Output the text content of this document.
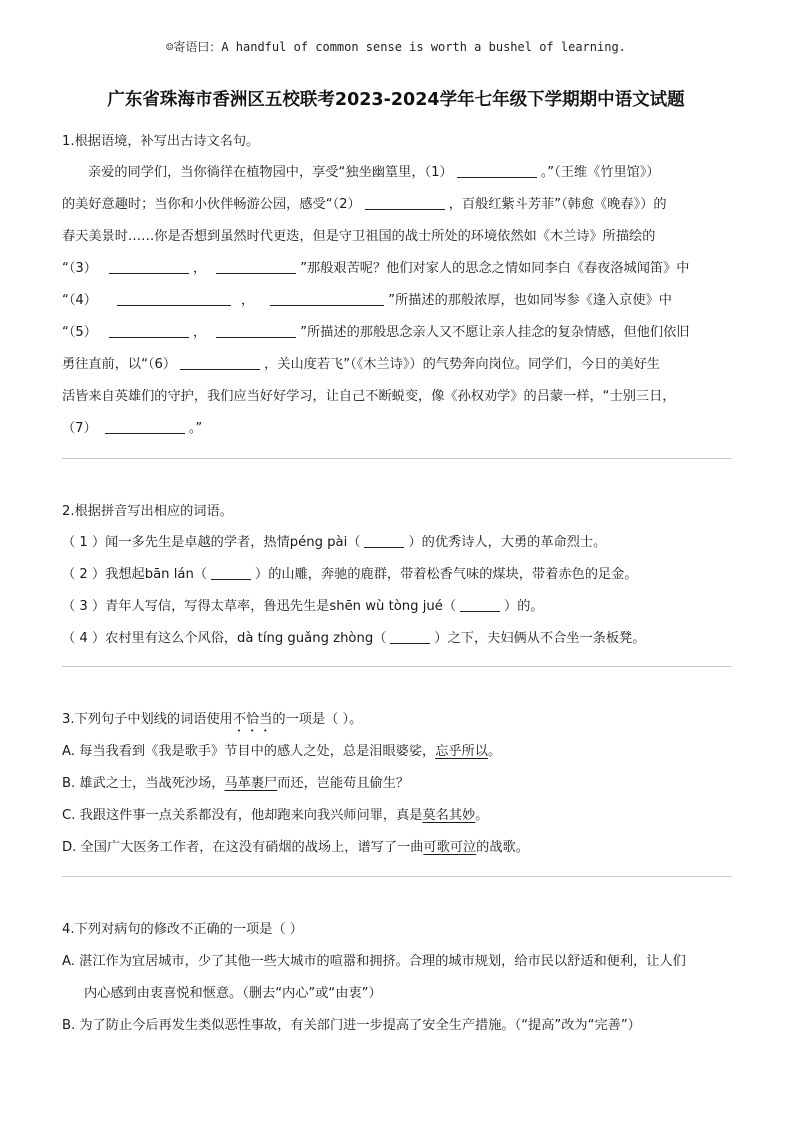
☺寄语曰：A handful of common sense is worth a bushel of learning.
广东省珠海市香洲区五校联考2023-2024学年七年级下学期期中语文试题
1.根据语境，补写出古诗文名句。
亲爱的同学们，当你徜徉在植物园中，享受“独坐幽篁里，（1）	。”（王维《竹里馆》）
的美好意趣时；当你和小伙伴畅游公园，感受“（2）	，百般红紫斗芳菲”（韩愈《晚春》）的
春天美景时……你是否想到虽然时代更迭，但是守卫祖国的战士所处的环境依然如《木兰诗》所描绘的
“（3）	，	”那般艰苦呢？他们对家人的思念之情如同李白《春夜洛城闻笛》中
“（4）	，	”所描述的那般浓厚，也如同岑参《逢入京使》中
“（5）	，	”所描述的那般思念亲人又不愿让亲人挂念的复杂情感，但他们依旧
勇往直前，以“（6）	，关山度若飞”（《木兰诗》）的气势奔向岗位。同学们，今日的美好生
活皆来自英雄们的守护，我们应当好好学习，让自己不断蜕变，像《孙权劝学》的吕蒙一样，“士别三日，
（7）	。”
2.根据拼音写出相应的词语。
（ 1 ）闻一多先生是卓越的学者，热情péng pài（	）的优秀诗人，大勇的革命烈士。
（ 2 ）我想起bān lán（	）的山雕，奔驰的鹿群，带着松香气味的煤块，带着赤色的足金。
（ 3 ）青年人写信，写得太草率，鲁迅先生是shēn wù tòng jué（	）的。
（ 4 ）农村里有这么个风俗，dà tíng guǎng zhòng（	）之下，夫妇俩从不合坐一条板凳。
3.下列句子中划线的词语使用不恰当的一项是（ ）。
A. 每当我看到《我是歌手》节目中的感人之处，总是泪眼婆娑，忘乎所以。
B. 雄武之士，当战死沙场，马革裹尸而还，岂能苟且偷生？
C. 我跟这件事一点关系都没有，他却跑来向我兴师问罪，真是莫名其妙。
D. 全国广大医务工作者，在这没有硝烟的战场上，谱写了一曲可歌可泣的战歌。
4.下列对病句的修改不正确的一项是（ ）
A. 湛江作为宜居城市，少了其他一些大城市的喧嚣和拥挤。合理的城市规划，给市民以舒适和便利，让人们
内心感到由衷喜悦和惬意。（删去“内心”或“由衷”）
B. 为了防止今后再发生类似恶性事故，有关部门进一步提高了安全生产措施。（“提高”改为“完善”）
